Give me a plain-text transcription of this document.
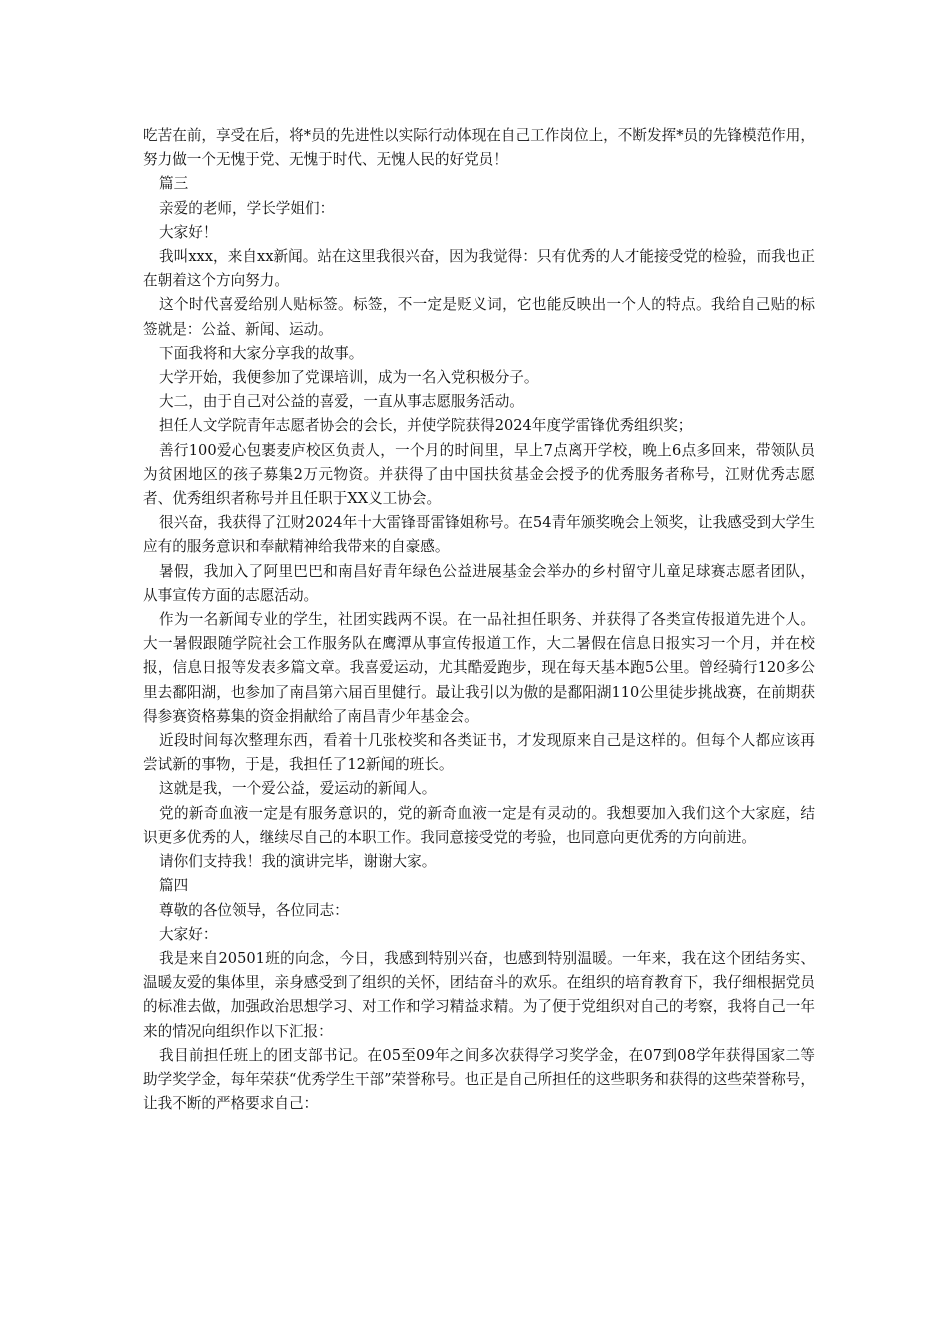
吃苦在前，享受在后，将*员的先进性以实际行动体现在自己工作岗位上，不断发挥*员的先锋模范作用，努力做一个无愧于党、无愧于时代、无愧人民的好党员！

篇三

亲爱的老师，学长学姐们：

大家好！

我叫xxx，来自xx新闻。站在这里我很兴奋，因为我觉得：只有优秀的人才能接受党的检验，而我也正在朝着这个方向努力。

这个时代喜爱给别人贴标签。标签，不一定是贬义词，它也能反映出一个人的特点。我给自己贴的标签就是：公益、新闻、运动。

下面我将和大家分享我的故事。

大学开始，我便参加了党课培训，成为一名入党积极分子。

大二，由于自己对公益的喜爱，一直从事志愿服务活动。

担任人文学院青年志愿者协会的会长，并使学院获得2024年度学雷锋优秀组织奖；

善行100爱心包裹麦庐校区负责人，一个月的时间里，早上7点离开学校，晚上6点多回来，带领队员为贫困地区的孩子募集2万元物资。并获得了由中国扶贫基金会授予的优秀服务者称号，江财优秀志愿者、优秀组织者称号并且任职于XX义工协会。

很兴奋，我获得了江财2024年十大雷锋哥雷锋姐称号。在54青年颁奖晚会上领奖，让我感受到大学生应有的服务意识和奉献精神给我带来的自豪感。

暑假，我加入了阿里巴巴和南昌好青年绿色公益进展基金会举办的乡村留守儿童足球赛志愿者团队，从事宣传方面的志愿活动。

作为一名新闻专业的学生，社团实践两不误。在一品社担任职务、并获得了各类宣传报道先进个人。大一暑假跟随学院社会工作服务队在鹰潭从事宣传报道工作，大二暑假在信息日报实习一个月，并在校报，信息日报等发表多篇文章。我喜爱运动，尤其酷爱跑步，现在每天基本跑5公里。曾经骑行120多公里去鄱阳湖，也参加了南昌第六届百里健行。最让我引以为傲的是鄱阳湖110公里徒步挑战赛，在前期获得参赛资格募集的资金捐献给了南昌青少年基金会。

近段时间每次整理东西，看着十几张校奖和各类证书，才发现原来自己是这样的。但每个人都应该再尝试新的事物，于是，我担任了12新闻的班长。

这就是我，一个爱公益，爱运动的新闻人。

党的新奇血液一定是有服务意识的，党的新奇血液一定是有灵动的。我想要加入我们这个大家庭，结识更多优秀的人，继续尽自己的本职工作。我同意接受党的考验，也同意向更优秀的方向前进。

请你们支持我！我的演讲完毕，谢谢大家。

篇四

尊敬的各位领导，各位同志：

大家好：

我是来自20501班的向念，今日，我感到特别兴奋，也感到特别温暖。一年来，我在这个团结务实、温暖友爱的集体里，亲身感受到了组织的关怀，团结奋斗的欢乐。在组织的培育教育下，我仔细根据党员的标准去做，加强政治思想学习、对工作和学习精益求精。为了便于党组织对自己的考察，我将自己一年来的情况向组织作以下汇报：

我目前担任班上的团支部书记。在05至09年之间多次获得学习奖学金，在07到08学年获得国家二等助学奖学金，每年荣获“优秀学生干部”荣誉称号。也正是自己所担任的这些职务和获得的这些荣誉称号，让我不断的严格要求自己：
